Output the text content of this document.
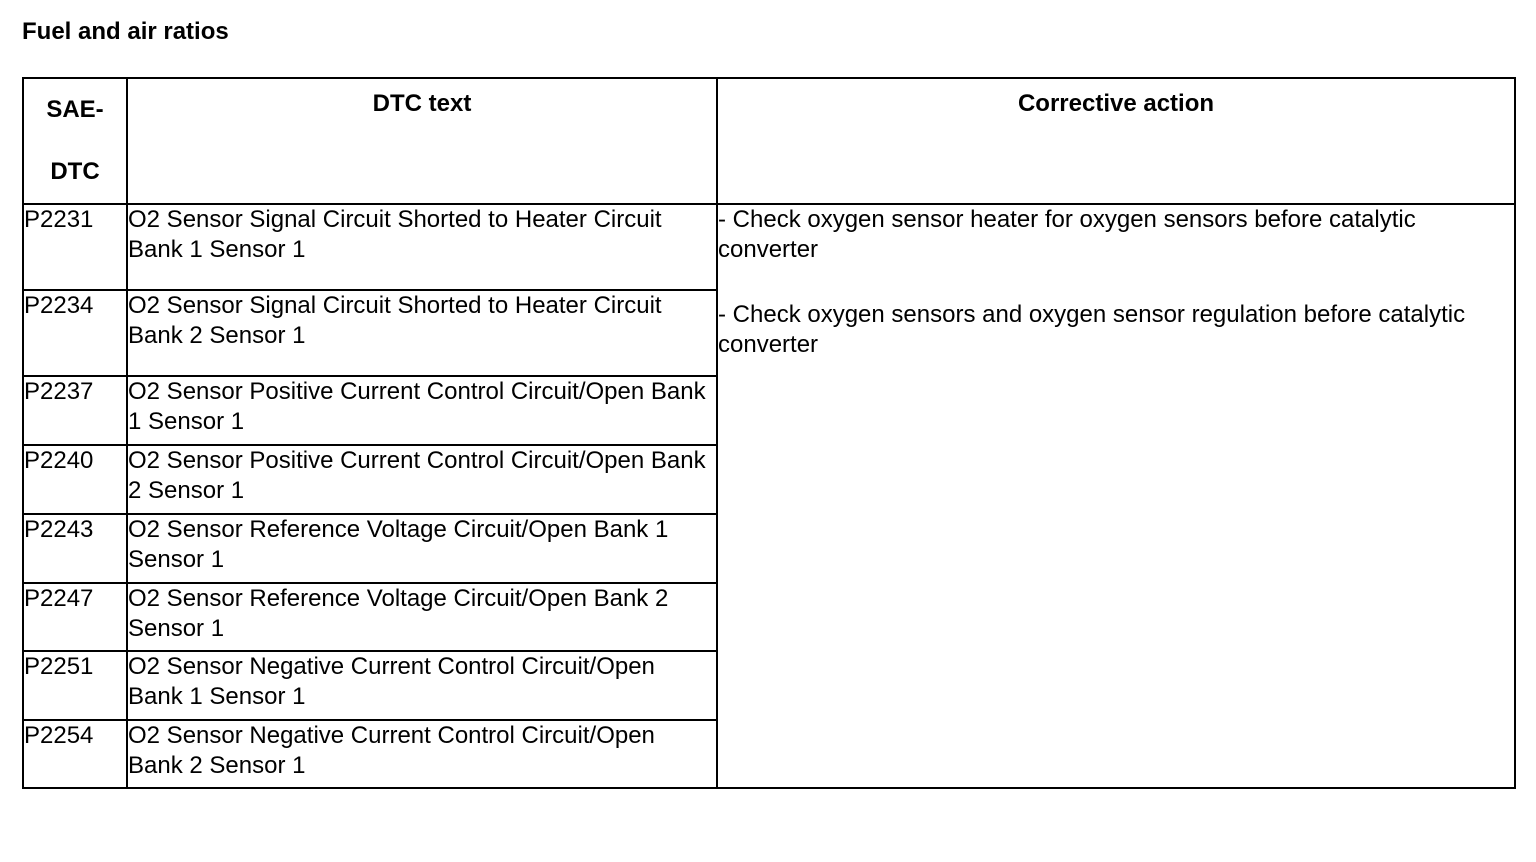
Fuel and air ratios
SAE-
DTC	DTC text	Corrective action

P2231	O2 Sensor Signal Circuit Shorted to Heater Circuit Bank 1 Sensor 1	- Check oxygen sensor heater for oxygen sensors before catalytic converter

- Check oxygen sensors and oxygen sensor regulation before catalytic converter

P2234	O2 Sensor Signal Circuit Shorted to Heater Circuit Bank 2 Sensor 1	
P2237	O2 Sensor Positive Current Control Circuit/Open Bank 1 Sensor 1	
P2240	O2 Sensor Positive Current Control Circuit/Open Bank 2 Sensor 1	
P2243	O2 Sensor Reference Voltage Circuit/Open Bank 1 Sensor 1	
P2247	O2 Sensor Reference Voltage Circuit/Open Bank 2 Sensor 1	
P2251	O2 Sensor Negative Current Control Circuit/Open Bank 1 Sensor 1	
P2254	O2 Sensor Negative Current Control Circuit/Open Bank 2 Sensor 1	
